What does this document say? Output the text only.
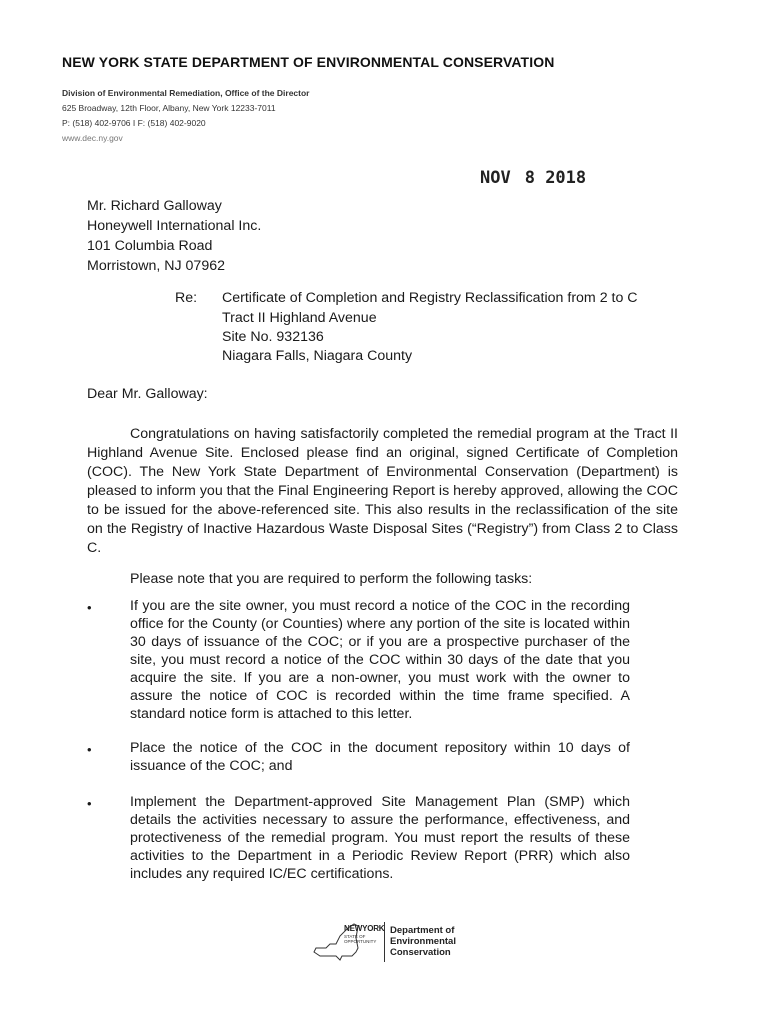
NEW YORK STATE DEPARTMENT OF ENVIRONMENTAL CONSERVATION
Division of Environmental Remediation, Office of the Director
625 Broadway, 12th Floor, Albany, New York 12233-7011
P: (518) 402-9706 I F: (518) 402-9020
www.dec.ny.gov
NOV 8 2018
Mr. Richard Galloway
Honeywell International Inc.
101 Columbia Road
Morristown, NJ 07962
Re: Certificate of Completion and Registry Reclassification from 2 to C
Tract II Highland Avenue
Site No. 932136
Niagara Falls, Niagara County
Dear Mr. Galloway:
Congratulations on having satisfactorily completed the remedial program at the Tract II Highland Avenue Site. Enclosed please find an original, signed Certificate of Completion (COC). The New York State Department of Environmental Conservation (Department) is pleased to inform you that the Final Engineering Report is hereby approved, allowing the COC to be issued for the above-referenced site. This also results in the reclassification of the site on the Registry of Inactive Hazardous Waste Disposal Sites (“Registry”) from Class 2 to Class C.
Please note that you are required to perform the following tasks:
•	If you are the site owner, you must record a notice of the COC in the recording office for the County (or Counties) where any portion of the site is located within 30 days of issuance of the COC; or if you are a prospective purchaser of the site, you must record a notice of the COC within 30 days of the date that you acquire the site. If you are a non-owner, you must work with the owner to assure the notice of COC is recorded within the time frame specified. A standard notice form is attached to this letter.
•	Place the notice of the COC in the document repository within 10 days of issuance of the COC; and
•	Implement the Department-approved Site Management Plan (SMP) which details the activities necessary to assure the performance, effectiveness, and protectiveness of the remedial program. You must report the results of these activities to the Department in a Periodic Review Report (PRR) which also includes any required IC/EC certifications.
NEWYORK
STATE OF OPPORTUNITY
Department of
Environmental
Conservation
